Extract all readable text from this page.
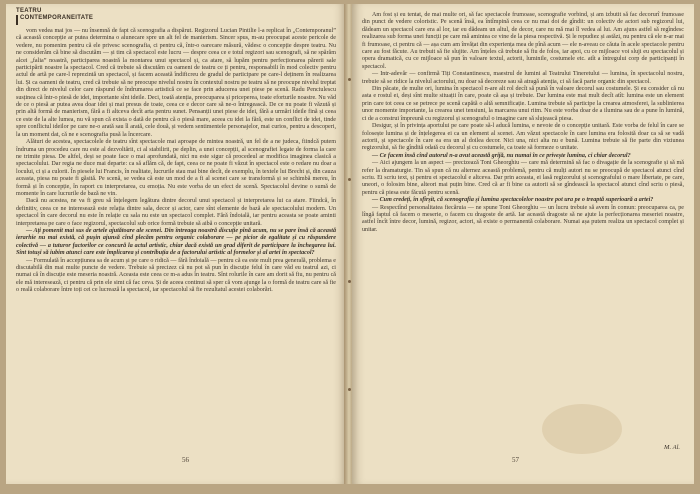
TEATRU
CONTEMPORANEITATE

vom vedea mai jos — nu însemnă de fapt că scenografia a dispărut. Regizorul Lucian Pintilie l-a replicat în „Contemporanul” că această concepție ar putea determina o alunecare spre un alt fel de manierism. Sincer spus, m-au preocupat aceste pericole de vedere, nu pomenim pentru că ele privesc scenografia, ci pentru că, într-o oarecare măsură, vădesc o concepție despre teatru. Nu ne considerăm că bine să discutăm — și tim că spectacol este lucru — despre ceea ce e totul regizori sau scenografi, să ne spărăm alcei „falia” noastră, participarea noastră la montarea unui spectacol și, ca atare, să lupăm pentru perfecționarea părerii sale participării noastre la spectacol. Cred că trebuie să discutăm cu oameni de teatru ce ți pentru, responsabili în mod colectiv pentru actul de artă pe care-l reprezintă un spectacol, și facem această îndificreu de gradul de participare pe care-l deținem în realizarea lui. Și ca oameni de teatru, cred că trebuie să ne preocupe nivelul nostru în contextul nostru pe teatru să ne preocupe nivelul treptat din direct de nivelul celor care răspund de îndrumarea artistică ce se face prin aducerea unei piese pe scenă. Radu Penciulescu susținea că într-o piesă de idei, importante sînt ideile. Deci, toată atenția, preocuparea și priceperea, toate eforturile noastre. Nu văd de ce o piesă ar putea avea doar idei și mai presus de toate, ceea ce e decor care să ne-o întregească. De ce nu poate fi văzută și prin altă formă de manierism, fără a fi altceva decît arta pentru sunet. Pensanții unei piese de idei, fără a urmări ideile fină și ceea ce este de la alte lumea, nu vă spun că exista o dată de pentru că o piesă mare, aceea cu idei la fără, este un conflict de idei, tinde spre conflictul ideilor pe care ne-o arată sau îl arată, cele două, și vedem sentimentele personajelor, mai curios, pentru a descoperi, la un moment dat, că ne e scenografia pusă la încercare.

Alături de acestea, spectacolele de teatru sînt spectacole mai aproape de mintea noastră, un fel de a ne judeca, fiindcă putem îndruma un procedeu care nu este al dezvoltării, ci al stabilirii, pe deplin, a unei concepții, al scenografiei legate de forma la care ne trimite piesa. De altfel, deși se poate face o mai aprofundată, nici nu este sigur că procedeul ar modifica imaginea clasică a spectacolului. Dar regia ne duce mai departe: ca să aflăm că, de fapt, ceea ce ne poate fi văzut în spectacol este o redare nu doar a locului, ci și a culorii. În piesele lui Francis, în realitate, lucrurile stau mai bine decît, de exemplu, în textele lui Brecht și, din cauza aceasta, piesa nu poate fi găsită. Pe scenă, se vedea că este un mod de a fi al scenei care se transformă și se schimbă mereu, în formă și în concepție, în raport cu interpretarea, cu emoția. Nu este vorba de un efect de scenă. Spectacolul devine o sumă de momente în care lucrurile de bază ne vin.

Dacă nu acestea, ne va fi greu să înțelegem legătura dintre decorul unui spectacol și interpretarea lui ca atare. Fiindcă, în definitiv, ceea ce ne interesează este relația dintre sala, decor și actor, care sînt elemente de bază ale spectacolului modern. Un spectacol în care decorul nu este în relație cu sala nu este un spectacol complet. Fără îndoială, iar pentru aceasta se poate aminti interpretarea pe care o face regizorul, spectacolul sub orice formă trebuie să aibă o concepție unitară.

— Ați pomenit mai sus de artele ajutătoare ale scenei. Din întreaga noastră discuție pînă acum, nu se pare însă că această ierarhie nu mai există, că pușin ajunsă cînd plecăm pentru organic colaborare — pe picior de egalitate și cu răspundere colectivă — a tuturor factorilor ce concură la actul artistic, chiar dacă există un grad diferit de participare la închegarea lui. Sînt totuși să iubim atunci care este împlicarea și contribuția de a factorului artistic al formelor și al artei în spectacol?

— Formulată în accepțiunea sa de acum și pe care o ridică — fără îndoială — pentru că ea este mult prea generală, problema e discutabilă din mai multe puncte de vedere. Trebuie să precizez că nu pot să pun în discuție felul în care văd eu teatrul azi, ci numai că în discuție este meseria noastră. Aceasta este ceea ce m-a adus în teatru. Sînt rolurile în care am dorit să fiu, nu pentru că ele mă interesează, ci pentru că prin ele simt că fac ceva. Și de aceea continui să sper că vom ajunge la o formă de teatru care să fie o reală colaborare între toți cei ce lucrează la spectacol, iar spectacolul să fie rezultatul acestei colaborări.

56

Am fost și eu tentat, de mai multe ori, să fac spectacole frumoase, scenografie vorbind, și am izbutit să fac decorurî frumoase din punct de vedere coloristic. Pe scenă însă, ea întîmpină ceea ce nu mai doi de gîndit: un colectiv de actori sub regizorul lui, dădeam un spectacol care era al lor, iar eu dădeam un altul, de decor, care nu mă mai îl vedea al lui. Am ajuns astfel să regîndesc realizarea sub forma unei funcții pe care mă amintea ce vine de la piesa respectivă. Și le repudiez și astăzi, nu pentru că ele n-ar mai fi frumoase, ci pentru că — așa cum am învățat din experiența mea de pînă acum — ele n-aveau ce căuta în acele spectacole pentru care au fost făcute. Au trebuit să fie slujite. Am înțeles că trebuie să fiu de folos, iar apoi, cu ce mijloace voi sluji eu spectacolul și opera dramatică, cu ce mijloace să pun în valoare textul, actorii, luminile, costumele etc. atît a întregului corp de participanți în spectacol.

— Intr-adevăr — confirmă Tiți Constantinescu, maestrul de lumini al Teatrului Tineretului — lumina, în spectacolul nostru, trebuie să se ridice la nivelul actorului, nu doar să decoreze sau să atragă atenția, ci să facă parte organic din spectacol.

Din păcate, de multe ori, lumina în spectacol n-are alt rol decît să pună în valoare decorul sau costumele. Și eu consider că nu asta e rostul ei, deși sînt multe situații în care, poate că așa și trebuie. Dar lumina este mai mult decît atît: lumina este un element prin care tot ceea ce se petrece pe scenă capătă o altă semnificație. Lumina trebuie să participe la crearea atmosferei, la sublinierea unor momente importante, la crearea unei tensiuni, la marcarea unui ritm. Nu este vorba doar de a ilumina sau de a pune în lumină, ci de a construi împreună cu regizorul și scenograful o imagine care să slujească piesa.

Desigur, și în privința aportului pe care poate să-l aducă lumina, e nevoie de o concepție unitară. Este vorba de felul în care se folosește lumina și de înțelegerea ei ca un element al scenei. Am văzut spectacole în care lumina era folosită doar ca să se vadă actorii, și spectacole în care ea era un al doilea decor. Nici una, nici alta nu e bună. Lumina trebuie să fie parte din viziunea regizorului, să fie gîndită odată cu decorul și cu costumele, ca toate să formeze o unitate.

— Ce facem însă cînd autorul n-a avut această grijă, nu numai în ce privește lumina, ci chiar decorul?

— Aici ajungem la un aspect — precizează Toni Gheorghiu — care mă determină să fac o divagație de la scenografie și să mă refer la dramaturgie. Tin să spun că nu alternez această problemă, pentru că mulți autori nu se preocupă de spectacol atunci cînd scriu. Ei scriu text, și pentru ei spectacolul e altceva. Dar prin aceasta, ei lasă regizorului și scenografului o mare libertate, pe care, uneori, o folosim bine, alteori mai puțin bine. Cred că ar fi bine ca autorii să se gîndească la spectacol atunci cînd scriu o piesă, pentru că piesa este făcută pentru scenă.

— Cum credeți, în sfîrșit, că scenografia și lumina spectacolelor noastre pot ura pe o treaptă superioară a artei?

— Respectînd personalitatea fiecăruia — ne spune Toni Gheorghiu — un lucru trebuie să avem în comun: preocuparea ca, pe lîngă faptul că facem o meserie, o facem cu dragoste de artă. Iar această dragoste să ne ajute la perfecționarea meseriei noastre, astfel încît între decor, lumină, regizor, actori, să existe o permanentă colaborare. Numai așa putem realiza un spectacol complet și unitar.

M. Al.
57
